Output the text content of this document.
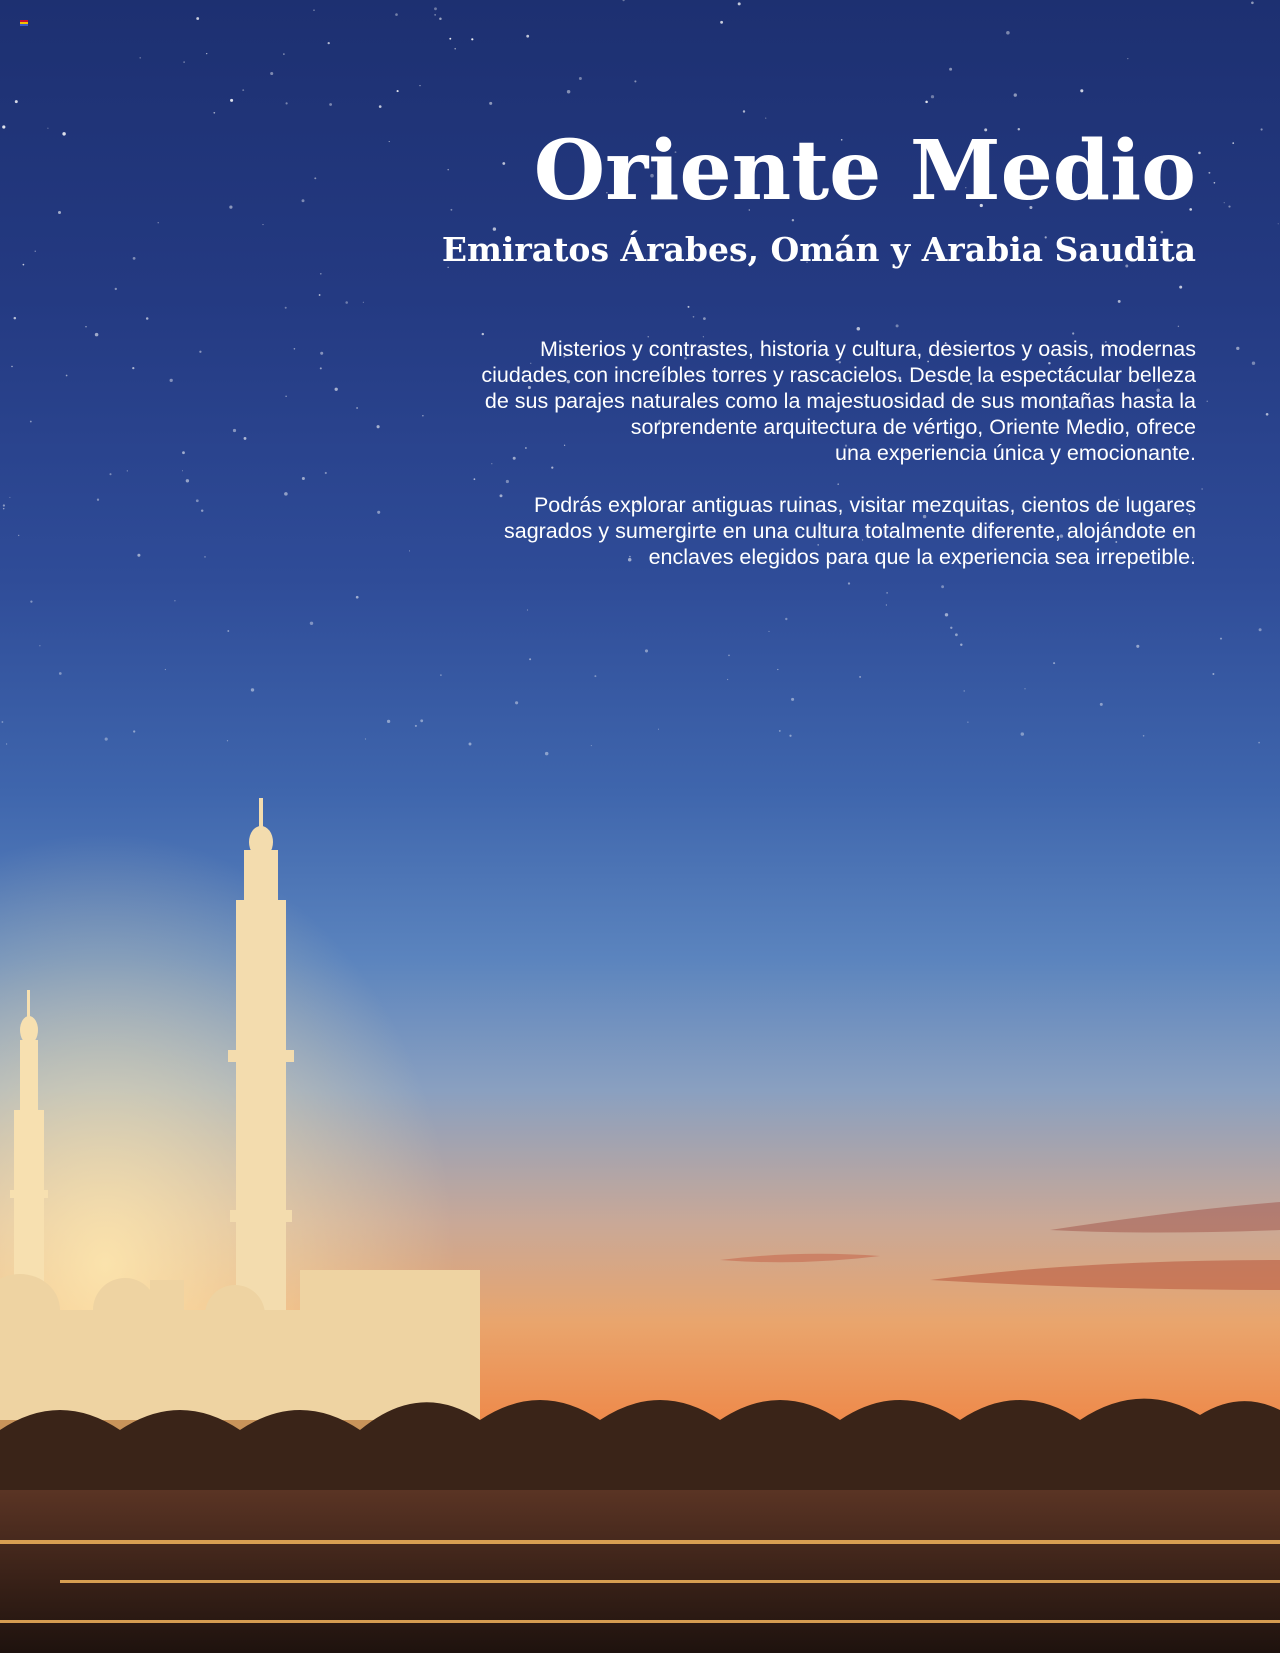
Oriente Medio
Emiratos Árabes, Omán y Arabia Saudita

Misterios y contrastes, historia y cultura, desiertos y oasis, modernas
ciudades con increíbles torres y rascacielos. Desde la espectácular belleza
de sus parajes naturales como la majestuosidad de sus montañas hasta la
sorprendente arquitectura de vértigo, Oriente Medio, ofrece
una experiencia única y emocionante.

Podrás explorar antiguas ruinas, visitar mezquitas, cientos de lugares
sagrados y sumergirte en una cultura totalmente diferente, alojándote en
enclaves elegidos para que la experiencia sea irrepetible.
